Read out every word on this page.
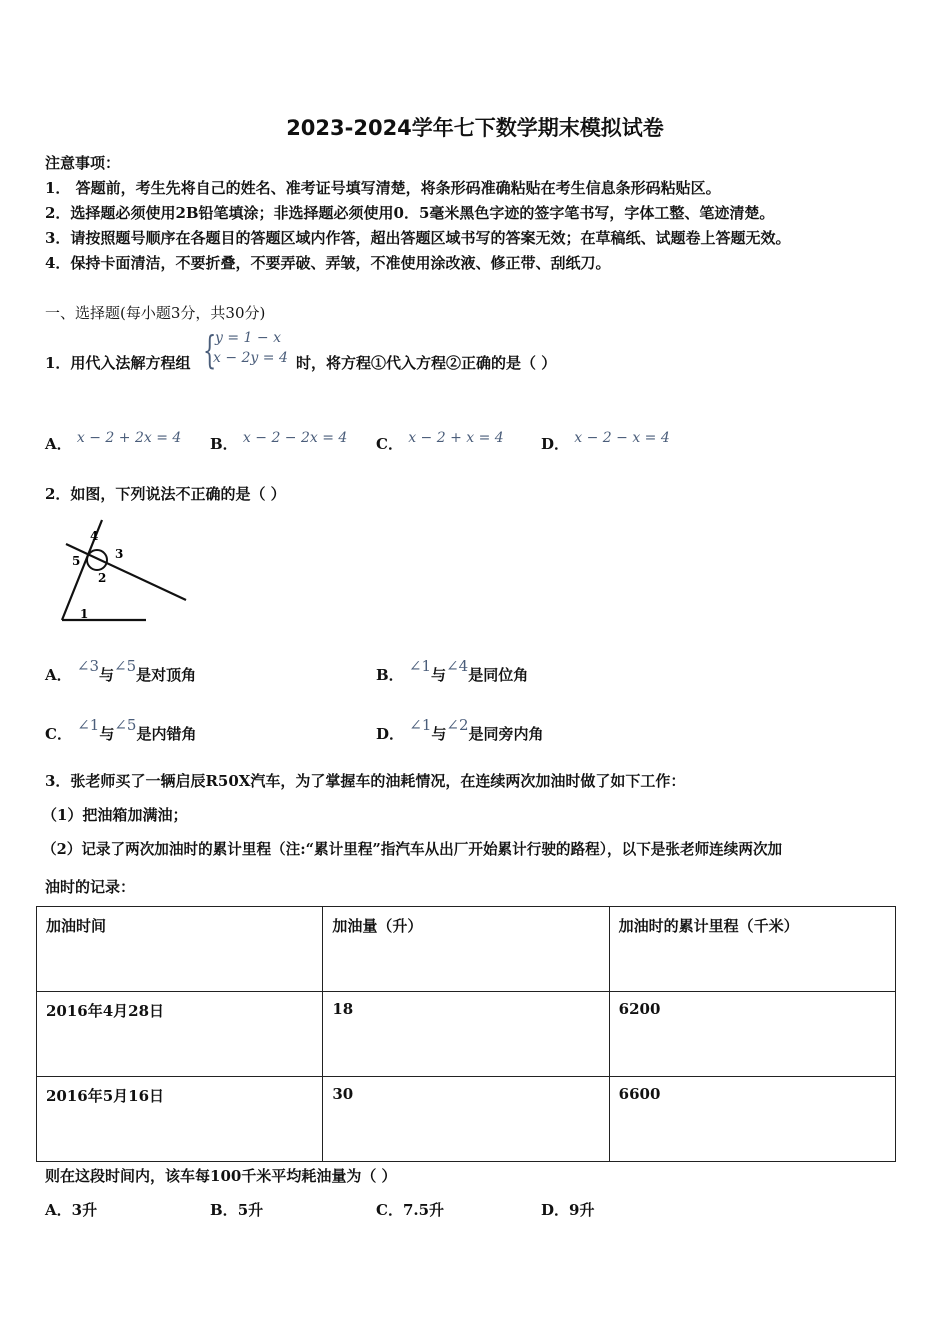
2023-2024学年七下数学期末模拟试卷
注意事项：
1． 答题前，考生先将自己的姓名、准考证号填写清楚，将条形码准确粘贴在考生信息条形码粘贴区。
2．选择题必须使用2B铅笔填涂；非选择题必须使用0．5毫米黑色字迹的签字笔书写，字体工整、笔迹清楚。
3．请按照题号顺序在各题目的答题区域内作答，超出答题区域书写的答案无效；在草稿纸、试题卷上答题无效。
4．保持卡面清洁，不要折叠，不要弄破、弄皱，不准使用涂改液、修正带、刮纸刀。
一、选择题(每小题3分，共30分)
1．用代入法解方程组 {
y = 1 − x
x − 2y = 4 时，将方程①代入方程②正确的是（ ）
A． x − 2 + 2x = 4 B． x − 2 − 2x = 4 C． x − 2 + x = 4 D． x − 2 − x = 4
2．如图，下列说法不正确的是（ ）
1
2
3
4
5
A． ∠3与∠5是对顶角	B． ∠1与∠4是同位角
C． ∠1与∠5是内错角	D． ∠1与∠2是同旁内角
3．张老师买了一辆启辰R50X汽车，为了掌握车的油耗情况，在连续两次加油时做了如下工作：
（1）把油箱加满油；
（2）记录了两次加油时的累计里程（注:“累计里程”指汽车从出厂开始累计行驶的路程），以下是张老师连续两次加
油时的记录：
加油时间	加油量（升）	加油时的累计里程（千米）
2016年4月28日	18	6200
2016年5月16日	30	6600
则在这段时间内，该车每100千米平均耗油量为（ ）
A．3升	B．5升	C．7.5升	D．9升
